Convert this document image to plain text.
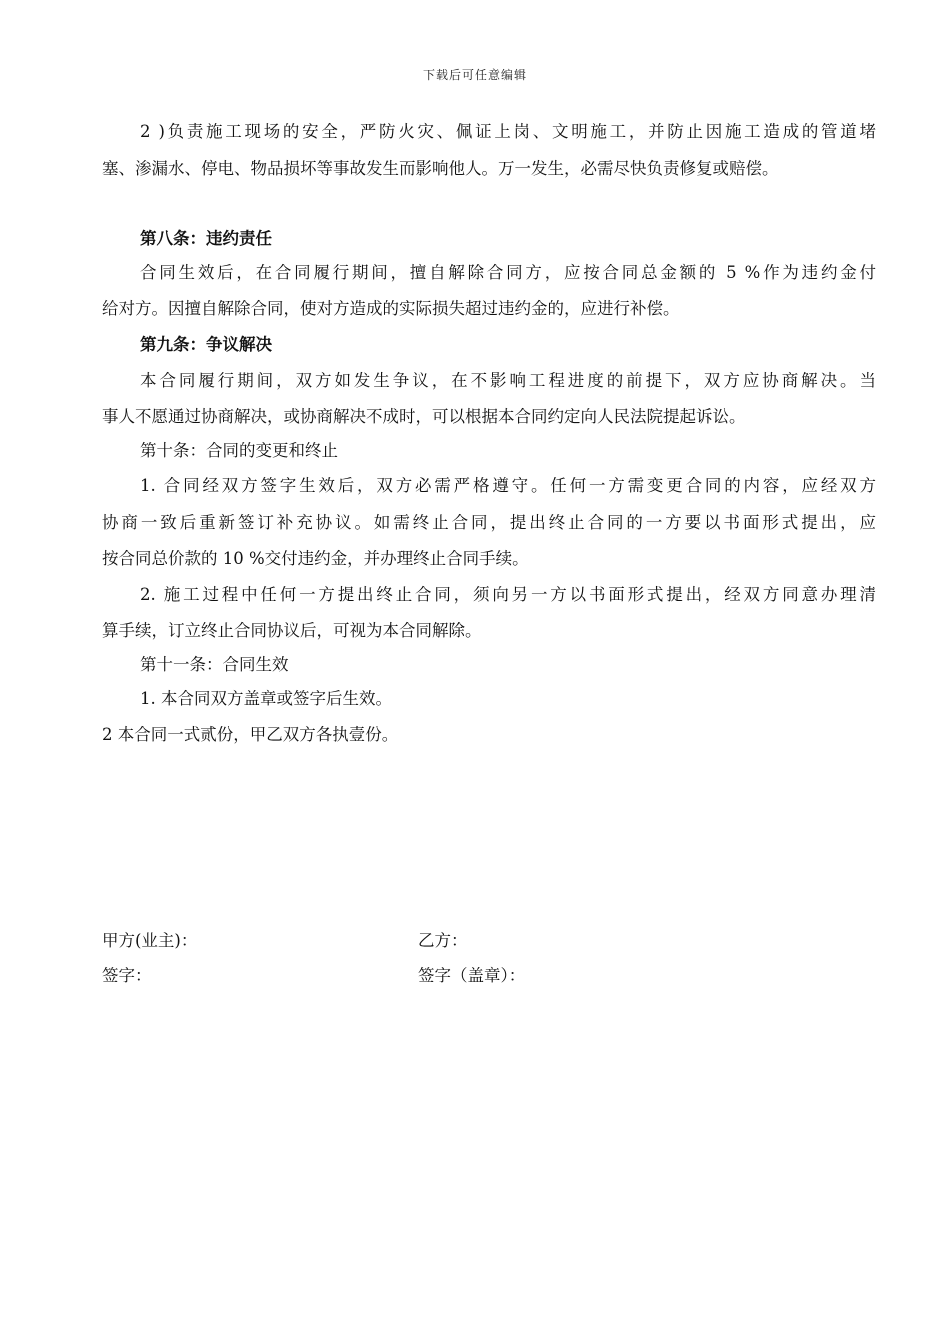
下载后可任意编辑
2 )负责施工现场的安全，严防火灾、佩证上岗、文明施工，并防止因施工造成的管道堵
塞、渗漏水、停电、物品损坏等事故发生而影响他人。万一发生，必需尽快负责修复或赔偿。
第八条：违约责任
合同生效后，在合同履行期间，擅自解除合同方，应按合同总金额的 5 %作为违约金付
给对方。因擅自解除合同，使对方造成的实际损失超过违约金的，应进行补偿。
第九条：争议解决
本合同履行期间，双方如发生争议，在不影响工程进度的前提下，双方应协商解决。当
事人不愿通过协商解决，或协商解决不成时，可以根据本合同约定向人民法院提起诉讼。
第十条：合同的变更和终止
1. 合同经双方签字生效后，双方必需严格遵守。任何一方需变更合同的内容，应经双方
协商一致后重新签订补充协议。如需终止合同，提出终止合同的一方要以书面形式提出，应
按合同总价款的 10 %交付违约金，并办理终止合同手续。
2. 施工过程中任何一方提出终止合同，须向另一方以书面形式提出，经双方同意办理清
算手续，订立终止合同协议后，可视为本合同解除。
第十一条：合同生效
1. 本合同双方盖章或签字后生效。
2 本合同一式贰份，甲乙双方各执壹份。
甲方(业主)：
签字：
乙方：
签字（盖章）：
